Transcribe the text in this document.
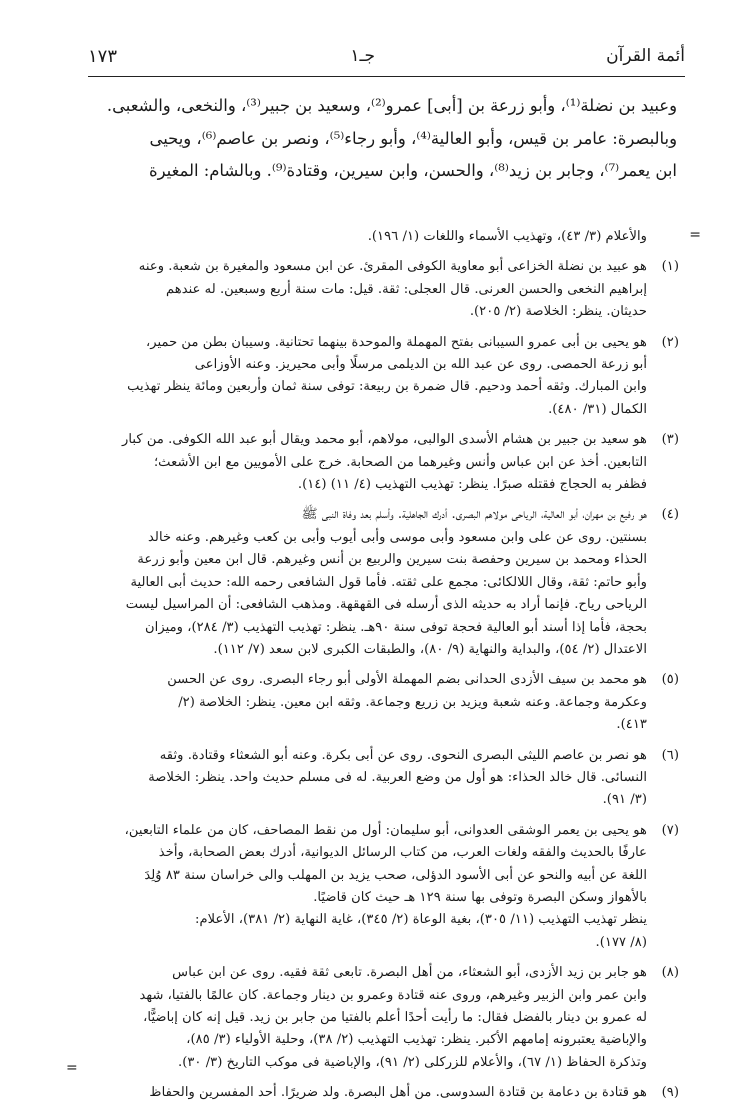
أئمة القرآن
جـ١
١٧٣

وعبيد بن نضلة⁽¹⁾، وأبو زرعة بن [أبى] عمرو⁽²⁾، وسعيد بن جبير⁽³⁾، والنخعى، والشعبى.

وبالبصرة: عامر بن قيس، وأبو العالية⁽⁴⁾، وأبو رجاء⁽⁵⁾، ونصر بن عاصم⁽⁶⁾، ويحيى

ابن يعمر⁽⁷⁾، وجابر بن زيد⁽⁸⁾، والحسن، وابن سيرين، وقتادة⁽⁹⁾. وبالشام: المغيرة

=
والأعلام (٣/ ٤٣)، وتهذيب الأسماء واللغات (١/ ١٩٦).
(١)
هو عبيد بن نضلة الخزاعى أبو معاوية الكوفى المقرئ. عن ابن مسعود والمغيرة بن شعبة. وعنه
إبراهيم النخعى والحسن العرنى. قال العجلى: ثقة. قيل: مات سنة أربع وسبعين. له عندهم
حديثان. ينظر: الخلاصة (٢/ ٢٠٥).
(٢)
هو يحيى بن أبى عمرو السيبانى بفتح المهملة والموحدة بينهما تحتانية. وسيبان بطن من حمير،
أبو زرعة الحمصى. روى عن عبد الله بن الديلمى مرسلًا وأبى محيريز. وعنه الأوزاعى
وابن المبارك. وثقه أحمد ودحيم. قال ضمرة بن ربيعة: توفى سنة ثمان وأربعين ومائة ينظر تهذيب
الكمال (٣١/ ٤٨٠).
(٣)
هو سعيد بن جبير بن هشام الأسدى الوالبى، مولاهم، أبو محمد ويقال أبو عبد الله الكوفى. من كبار
التابعين. أخذ عن ابن عباس وأنس وغيرهما من الصحابة. خرج على الأمويين مع ابن الأشعث؛
فظفر به الحجاج فقتله صبرًا. ينظر: تهذيب التهذيب (٤/ ١١) (١٤).
(٤)
هو رفيع بن مهران، أبو العالية، الرياحى مولاهم البصرى. أدرك الجاهلية. وأسلم بعد وفاة النبى ﷺ
بسنتين. روى عن على وابن مسعود وأبى موسى وأبى أيوب وأبى بن كعب وغيرهم. وعنه خالد
الحذاء ومحمد بن سيرين وحفصة بنت سيرين والربيع بن أنس وغيرهم. قال ابن معين وأبو زرعة
وأبو حاتم: ثقة، وقال اللالكائى: مجمع على ثقته. فأما قول الشافعى رحمه الله: حديث أبى العالية
الرياحى رياح. فإنما أراد به حديثه الذى أرسله فى القهقهة. ومذهب الشافعى: أن المراسيل ليست
بحجة، فأما إذا أسند أبو العالية فحجة توفى سنة ٩٠هـ. ينظر: تهذيب التهذيب (٣/ ٢٨٤)، وميزان
الاعتدال (٢/ ٥٤)، والبداية والنهاية (٩/ ٨٠)، والطبقات الكبرى لابن سعد (٧/ ١١٢).
(٥)
هو محمد بن سيف الأزدى الحدانى بضم المهملة الأولى أبو رجاء البصرى. روى عن الحسن
وعكرمة وجماعة. وعنه شعبة ويزيد بن زريع وجماعة. وثقه ابن معين. ينظر: الخلاصة (٢/
٤١٣).
(٦)
هو نصر بن عاصم الليثى البصرى النحوى. روى عن أبى بكرة. وعنه أبو الشعثاء وقتادة. وثقه
النسائى. قال خالد الحذاء: هو أول من وضع العربية. له فى مسلم حديث واحد. ينظر: الخلاصة
(٣/ ٩١).
(٧)
هو يحيى بن يعمر الوشقى العدوانى، أبو سليمان: أول من نقط المصاحف، كان من علماء التابعين،
عارفًا بالحديث والفقه ولغات العرب، من كتاب الرسائل الديوانية، أدرك بعض الصحابة، وأخذ
اللغة عن أبيه والنحو عن أبى الأسود الدؤلى، صحب يزيد بن المهلب والى خراسان سنة ٨٣ وُلِدَ
بالأهواز وسكن البصرة وتوفى بها سنة ١٢٩ هـ حيث كان قاضيًا.
ينظر تهذيب التهذيب (١١/ ٣٠٥)، بغية الوعاة (٢/ ٣٤٥)، غاية النهاية (٢/ ٣٨١)، الأعلام:
(٨/ ١٧٧).
(٨)
هو جابر بن زيد الأزدى، أبو الشعثاء، من أهل البصرة. تابعى ثقة فقيه. روى عن ابن عباس
وابن عمر وابن الزبير وغيرهم، وروى عنه قتادة وعمرو بن دينار وجماعة. كان عالمًا بالفتيا، شهد
له عمرو بن دينار بالفضل فقال: ما رأيت أحدًا أعلم بالفتيا من جابر بن زيد. قيل إنه كان إباضيًّا،
والإباضية يعتبرونه إمامهم الأكبر. ينظر: تهذيب التهذيب (٢/ ٣٨)، وحلية الأولياء (٣/ ٨٥)،
وتذكرة الحفاظ (١/ ٦٧)، والأعلام للزركلى (٢/ ٩١)، والإباضية فى موكب التاريخ (٣/ ٣٠).
(٩)
هو قتادة بن دعامة بن قتادة السدوسى. من أهل البصرة. ولد ضريرًا. أحد المفسرين والحفاظ
=
